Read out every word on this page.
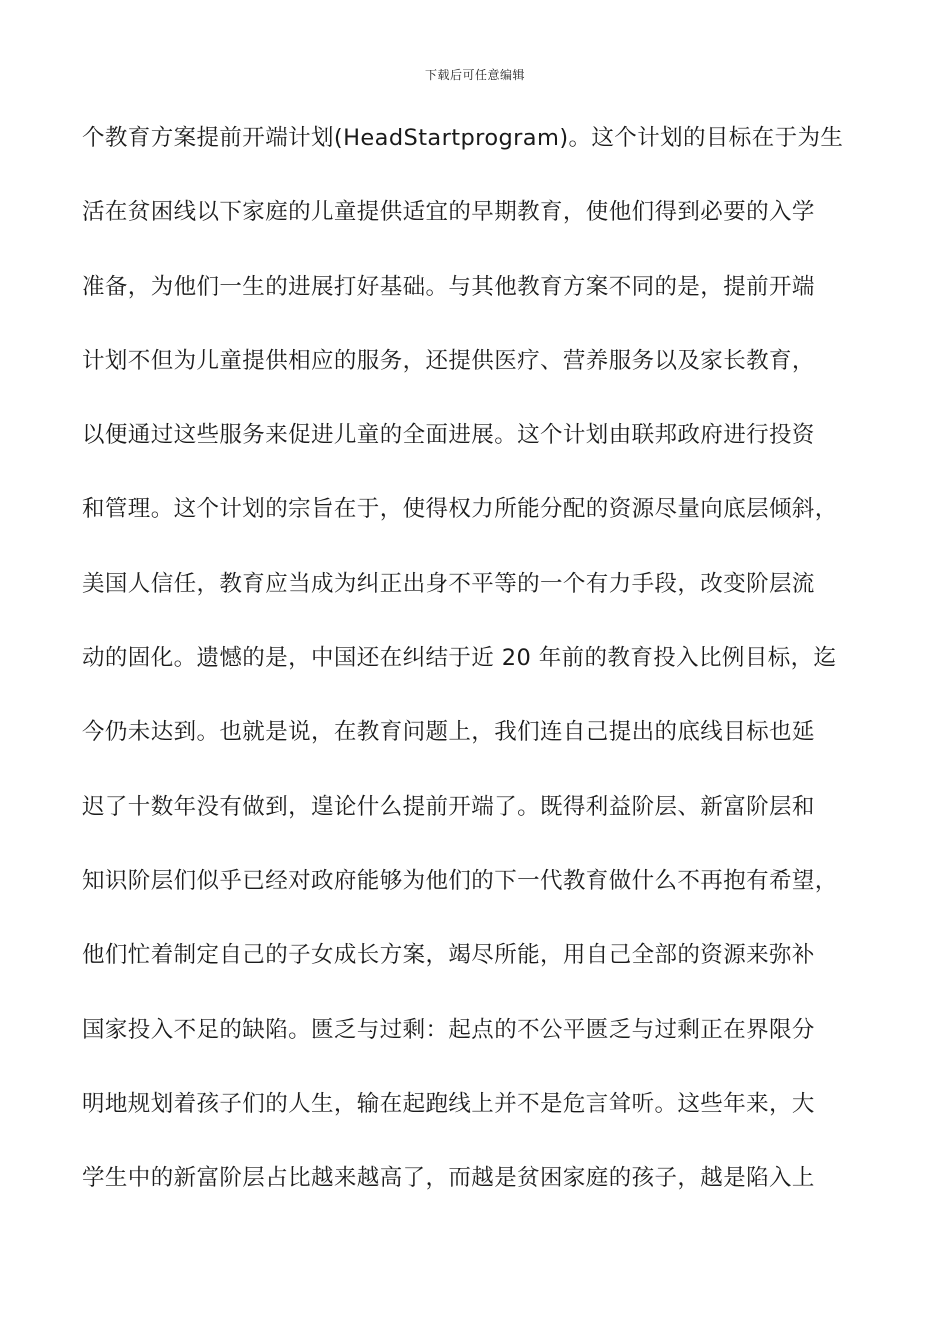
下载后可任意编辑
个教育方案提前开端计划(HeadStartprogram)。这个计划的目标在于为生
活在贫困线以下家庭的儿童提供适宜的早期教育，使他们得到必要的入学
准备，为他们一生的进展打好基础。与其他教育方案不同的是，提前开端
计划不但为儿童提供相应的服务，还提供医疗、营养服务以及家长教育，
以便通过这些服务来促进儿童的全面进展。这个计划由联邦政府进行投资
和管理。这个计划的宗旨在于，使得权力所能分配的资源尽量向底层倾斜，
美国人信任，教育应当成为纠正出身不平等的一个有力手段，改变阶层流
动的固化。遗憾的是，中国还在纠结于近 20 年前的教育投入比例目标，迄
今仍未达到。也就是说，在教育问题上，我们连自己提出的底线目标也延
迟了十数年没有做到，遑论什么提前开端了。既得利益阶层、新富阶层和
知识阶层们似乎已经对政府能够为他们的下一代教育做什么不再抱有希望，
他们忙着制定自己的子女成长方案，竭尽所能，用自己全部的资源来弥补
国家投入不足的缺陷。匮乏与过剩：起点的不公平匮乏与过剩正在界限分
明地规划着孩子们的人生，输在起跑线上并不是危言耸听。这些年来，大
学生中的新富阶层占比越来越高了，而越是贫困家庭的孩子，越是陷入上
